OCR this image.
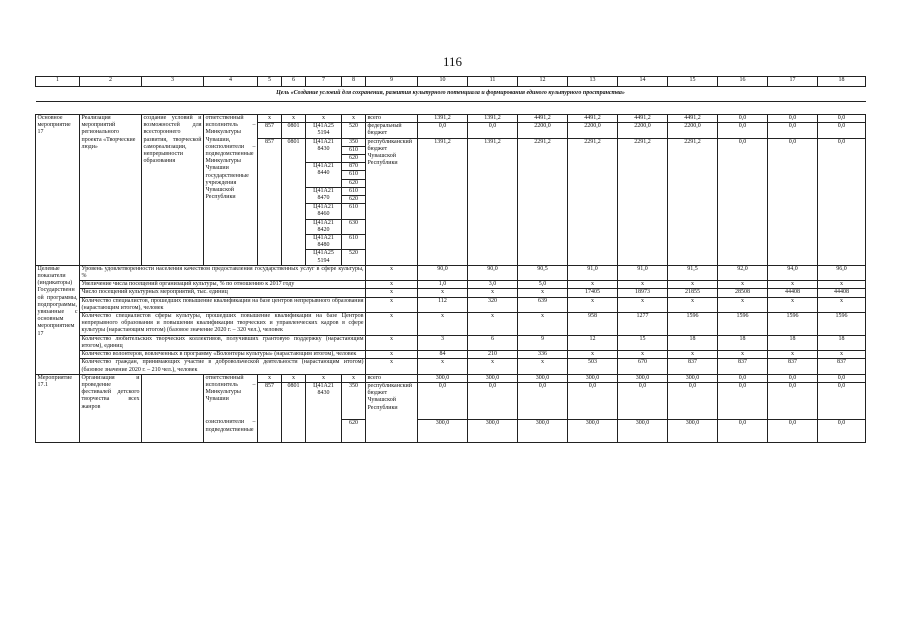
116
1	2	3	4	5	6	7	8	9	10	11	12	13	14	15	16	17	18
Цель «Создание условий для сохранения, развития культурного потенциала и формирования единого культурного пространства»																	

Основное мероприятие 17	Реализация мероприятий регионального проекта «Творческие люди»	создание условий и возможностей для всестороннего развития, творческой самореализации, непрерывности образования	ответственный исполнитель – Минкультуры Чувашии, соисполнители – подведомственные Минкультуры Чувашии государственные учреждения Чувашской Республики	x	x	x	x	всего	1391,2	1391,2	4491,2	4491,2	4491,2	4491,2	0,0	0,0	0,0
				857	0801	Ц41А25 5194	520	федеральный бюджет	0,0	0,0	2200,0	2200,0	2200,0	2200,0	0,0	0,0	0,0
				857	0801	Ц41А21 8430	350	республиканский бюджет Чувашской Республики	1391,2	1391,2	2291,2	2291,2	2291,2	2291,2	0,0	0,0	0,0
							610										
							620										
						Ц41А21 8440	870										
							610										
							620										
						Ц41А21 8470	610										
							620										
						Ц41А21 8460	610										
						Ц41А21 8420	630										
						Ц41А21 8480	610										
						Ц41А25 5194	520										
Целевые показатели (индикаторы) Государственной программы, подпрограммы, увязанные с основным мероприятием 17	Уровень удовлетворенности населения качеством предоставления государственных услуг в сфере культуры, %							x	90,0	90,0	90,5	91,0	91,0	91,5	92,0	94,0	96,0
	Увеличение числа посещений организаций культуры, % по отношению к 2017 году							x	1,0	3,0	5,0	x	x	x	x	x	x
	Число посещений культурных мероприятий, тыс. единиц							x	x	x	x	17405	18973	21855	28508	44408	44408
	Количество специалистов, прошедших повышение квалификации на базе центров непрерывного образования (нарастающим итогом), человек							x	112	320	639	x	x	x	x	x	x
	Количество специалистов сферы культуры, прошедших повышение квалификации на базе Центров непрерывного образования и повышения квалификации творческих и управленческих кадров в сфере культуры (нарастающим итогом) (базовое значение 2020 г. – 320 чел.), человек							x	x	x	x	958	1277	1596	1596	1596	1596
	Количество любительских творческих коллективов, получивших грантовую поддержку (нарастающим итогом), единиц							x	3	6	9	12	15	18	18	18	18
	Количество волонтеров, вовлеченных в программу «Волонтеры культуры» (нарастающим итогом), человек							x	84	210	336	x	x	x	x	x	x
	Количество граждан, принимающих участие в добровольческой деятельности (нарастающим итогом) (базовое значение 2020 г. – 210 чел.), человек							x	x	x	x	503	670	837	837	837	837
Мероприятие 17.1	Организация и проведение фестивалей детского творчества всех жанров		ответственный исполнитель – Минкультуры Чувашии	x	x	x	x	всего	300,0	300,0	300,0	300,0	300,0	300,0	0,0	0,0	0,0
				857	0801	Ц41А21 8430	350	республиканский бюджет Чувашской Республики	0,0	0,0	0,0	0,0	0,0	0,0	0,0	0,0	0,0
			соисполнители – подведомственные				620		300,0	300,0	300,0	300,0	300,0	300,0	0,0	0,0	0,0
